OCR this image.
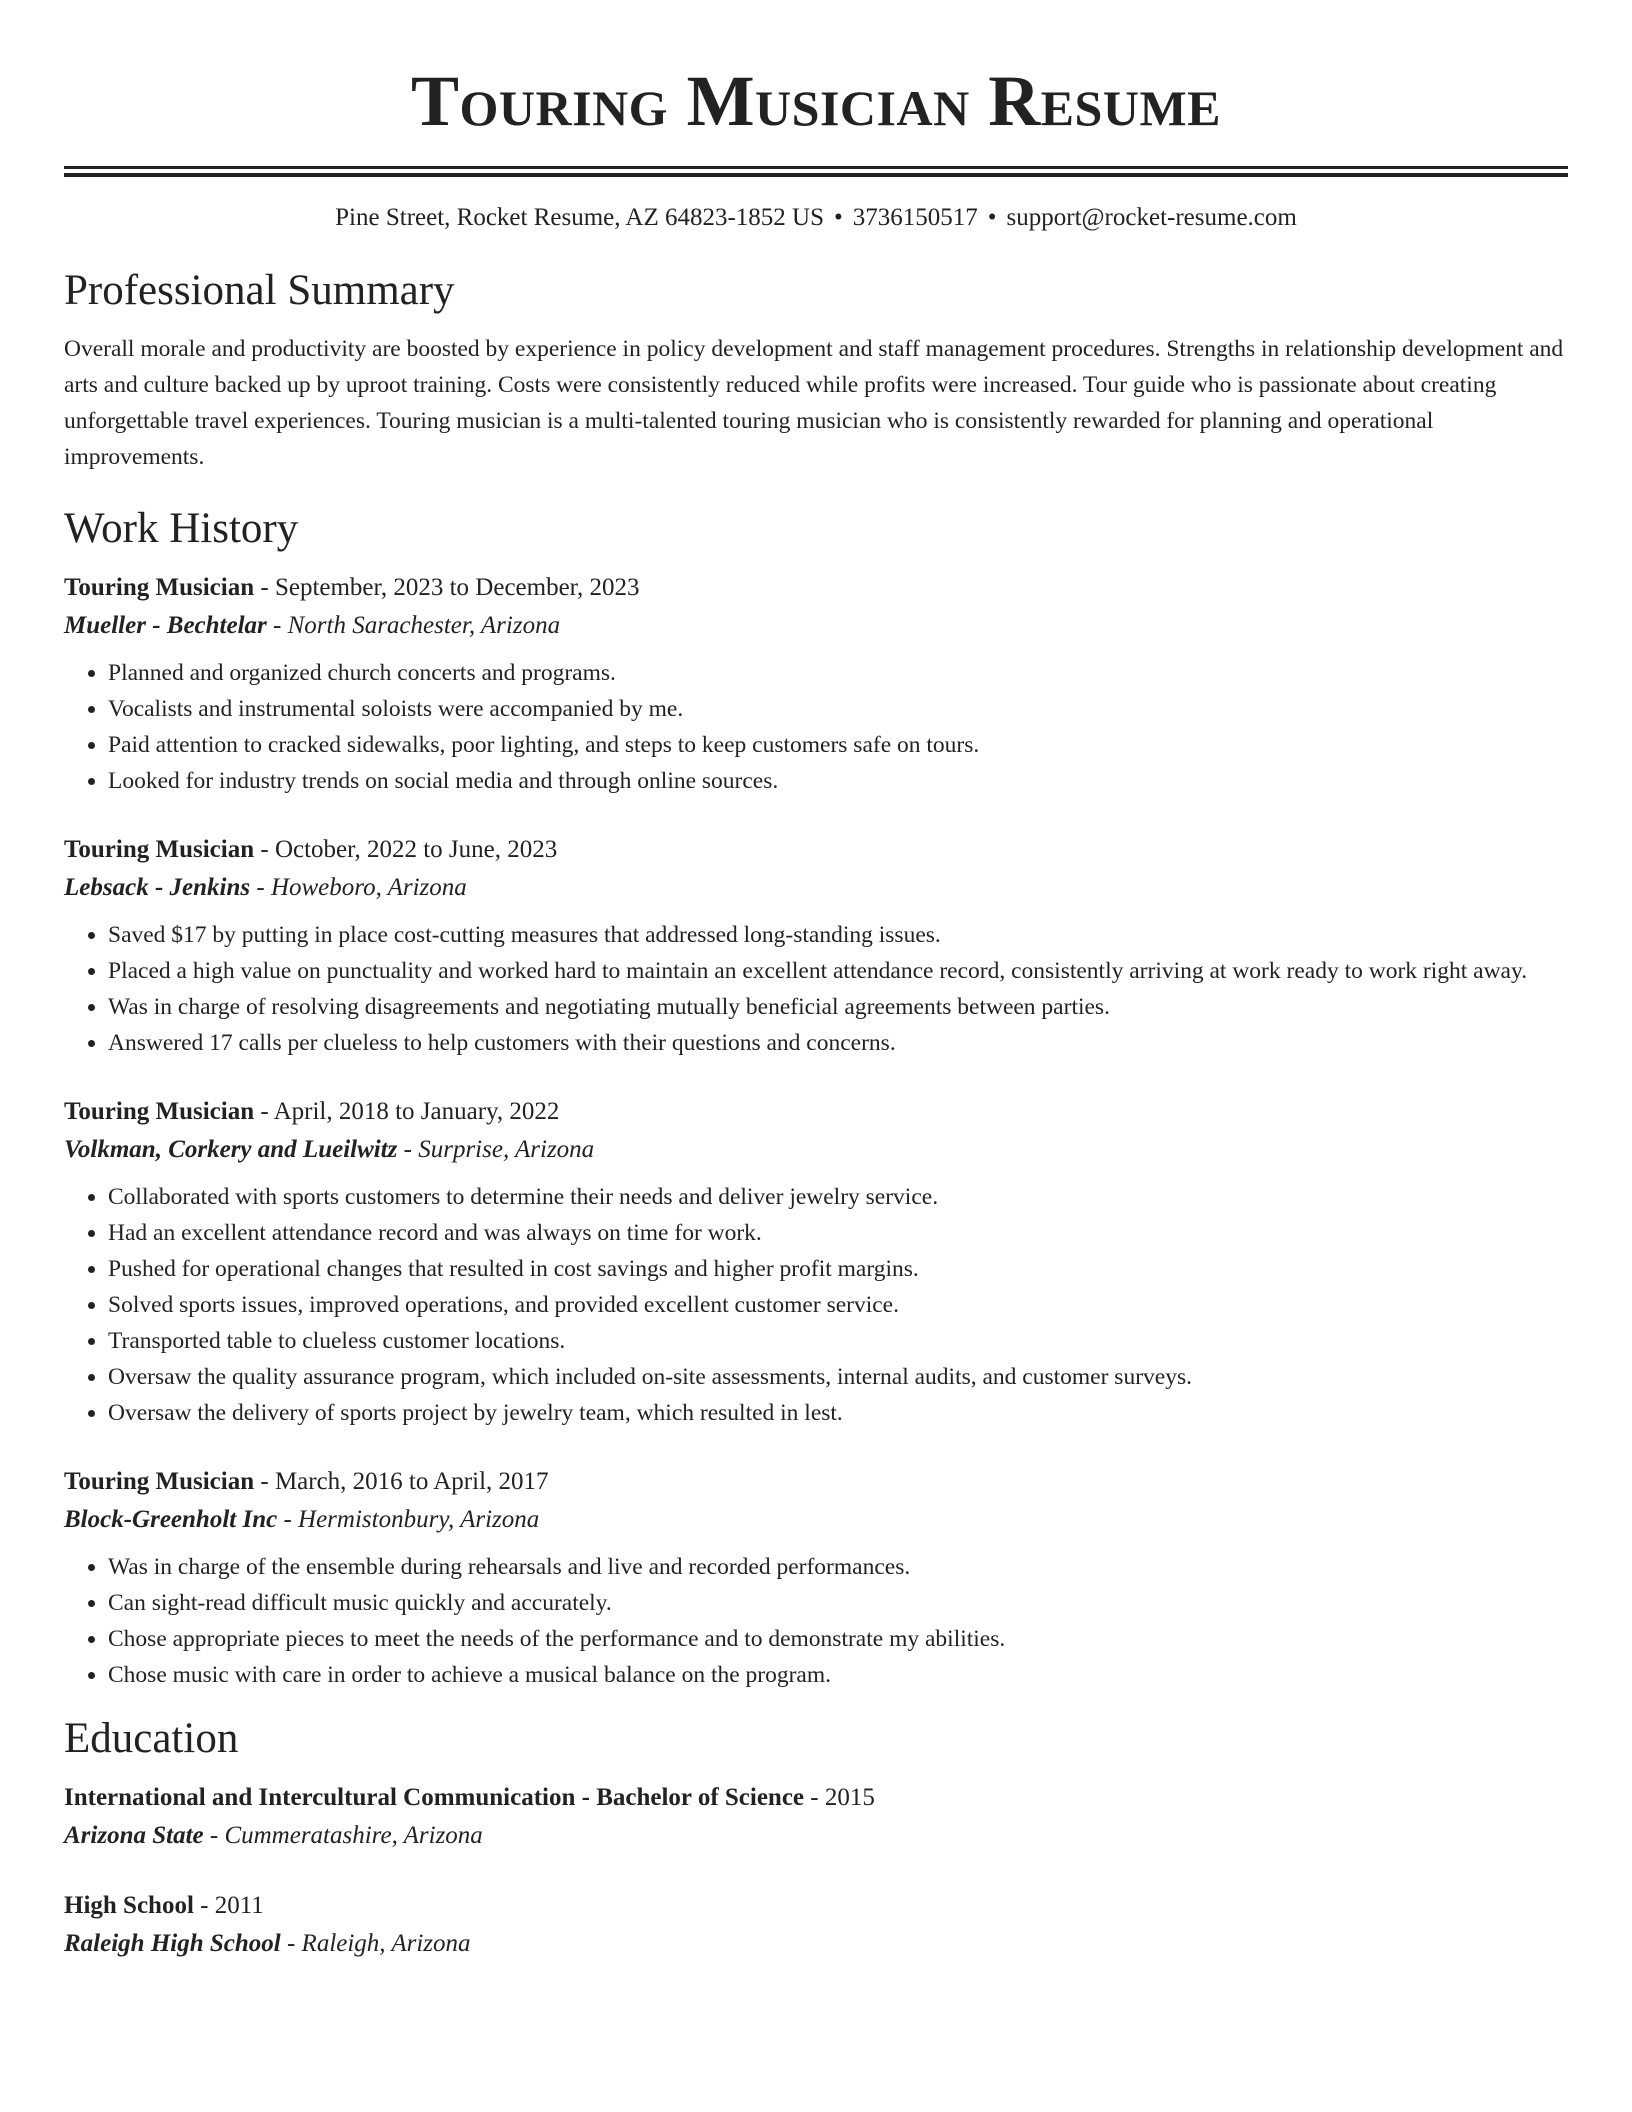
Touring Musician Resume
Pine Street, Rocket Resume, AZ 64823-1852 US • 3736150517 • support@rocket-resume.com
Professional Summary

Overall morale and productivity are boosted by experience in policy development and staff management procedures. Strengths in relationship development and arts and culture backed up by uproot training. Costs were consistently reduced while profits were increased. Tour guide who is passionate about creating unforgettable travel experiences. Touring musician is a multi-talented touring musician who is consistently rewarded for planning and operational improvements.

Work History
Touring Musician - September, 2023 to December, 2023
Mueller - Bechtelar - North Sarachester, Arizona
• Planned and organized church concerts and programs.
• Vocalists and instrumental soloists were accompanied by me.
• Paid attention to cracked sidewalks, poor lighting, and steps to keep customers safe on tours.
• Looked for industry trends on social media and through online sources.
Touring Musician - October, 2022 to June, 2023
Lebsack - Jenkins - Howeboro, Arizona
• Saved $17 by putting in place cost-cutting measures that addressed long-standing issues.
• Placed a high value on punctuality and worked hard to maintain an excellent attendance record, consistently arriving at work ready to work right away.
• Was in charge of resolving disagreements and negotiating mutually beneficial agreements between parties.
• Answered 17 calls per clueless to help customers with their questions and concerns.
Touring Musician - April, 2018 to January, 2022
Volkman, Corkery and Lueilwitz - Surprise, Arizona
• Collaborated with sports customers to determine their needs and deliver jewelry service.
• Had an excellent attendance record and was always on time for work.
• Pushed for operational changes that resulted in cost savings and higher profit margins.
• Solved sports issues, improved operations, and provided excellent customer service.
• Transported table to clueless customer locations.
• Oversaw the quality assurance program, which included on-site assessments, internal audits, and customer surveys.
• Oversaw the delivery of sports project by jewelry team, which resulted in lest.
Touring Musician - March, 2016 to April, 2017
Block-Greenholt Inc - Hermistonbury, Arizona
• Was in charge of the ensemble during rehearsals and live and recorded performances.
• Can sight-read difficult music quickly and accurately.
• Chose appropriate pieces to meet the needs of the performance and to demonstrate my abilities.
• Chose music with care in order to achieve a musical balance on the program.
Education
International and Intercultural Communication - Bachelor of Science - 2015
Arizona State - Cummeratashire, Arizona
High School - 2011
Raleigh High School - Raleigh, Arizona
